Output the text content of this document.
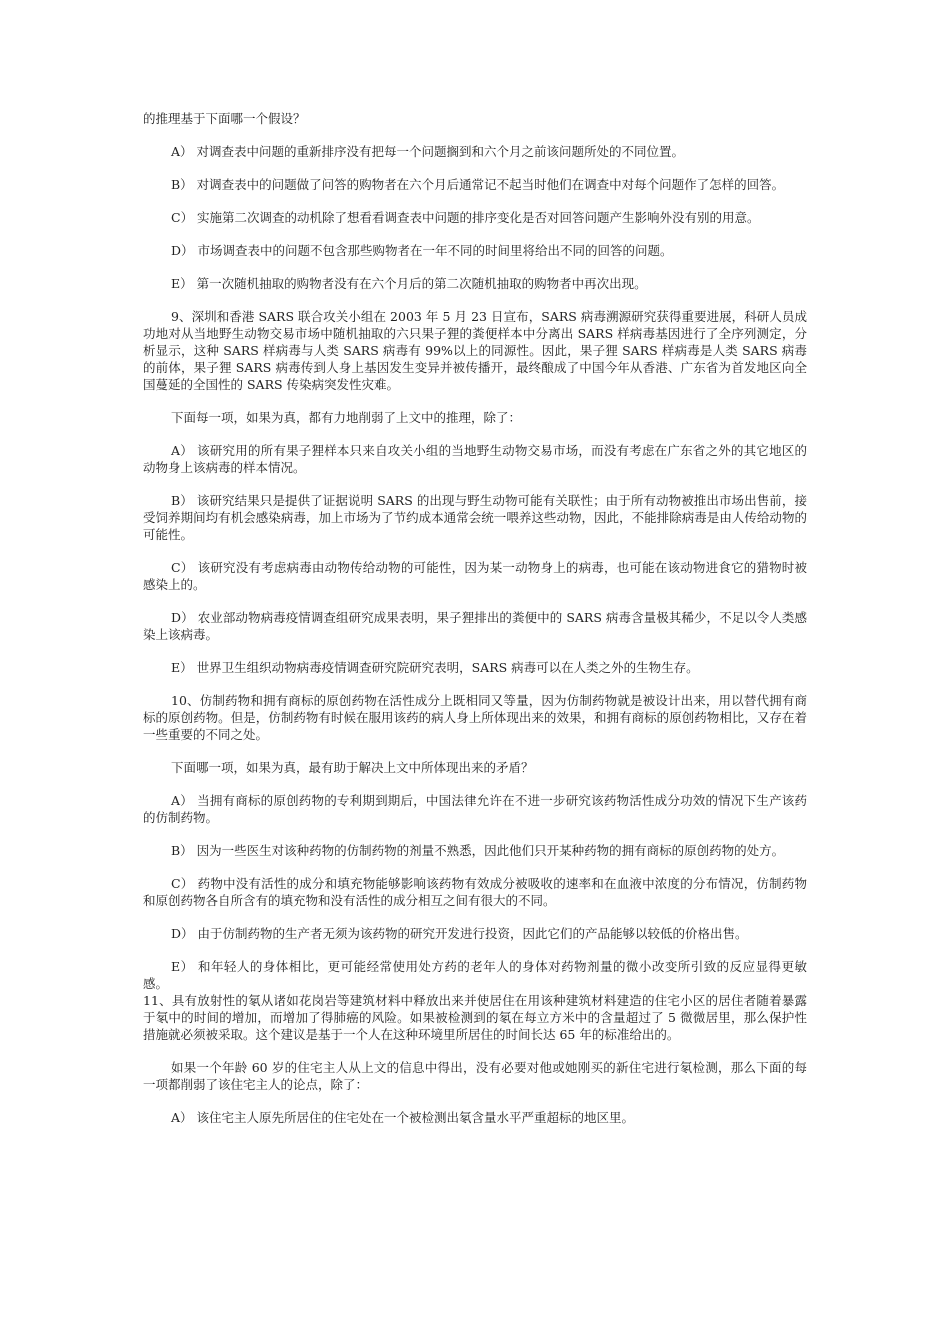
的推理基于下面哪一个假设？

A） 对调查表中问题的重新排序没有把每一个问题搁到和六个月之前该问题所处的不同位置。

B） 对调查表中的问题做了问答的购物者在六个月后通常记不起当时他们在调查中对每个问题作了怎样的回答。

C） 实施第二次调查的动机除了想看看调查表中问题的排序变化是否对回答问题产生影响外没有别的用意。

D） 市场调查表中的问题不包含那些购物者在一年不同的时间里将给出不同的回答的问题。

E） 第一次随机抽取的购物者没有在六个月后的第二次随机抽取的购物者中再次出现。

9、深圳和香港 SARS 联合攻关小组在 2003 年 5 月 23 日宣布，SARS 病毒溯源研究获得重要进展，科研人员成功地对从当地野生动物交易市场中随机抽取的六只果子狸的粪便样本中分离出 SARS 样病毒基因进行了全序列测定，分析显示，这种 SARS 样病毒与人类 SARS 病毒有 99%以上的同源性。因此，果子狸 SARS 样病毒是人类 SARS 病毒的前体，果子狸 SARS 病毒传到人身上基因发生变异并被传播开，最终酿成了中国今年从香港、广东省为首发地区向全国蔓延的全国性的 SARS 传染病突发性灾难。

下面每一项，如果为真，都有力地削弱了上文中的推理，除了：

A） 该研究用的所有果子狸样本只来自攻关小组的当地野生动物交易市场，而没有考虑在广东省之外的其它地区的动物身上该病毒的样本情况。

B） 该研究结果只是提供了证据说明 SARS 的出现与野生动物可能有关联性；由于所有动物被推出市场出售前，接受饲养期间均有机会感染病毒，加上市场为了节约成本通常会统一喂养这些动物，因此，不能排除病毒是由人传给动物的可能性。

C） 该研究没有考虑病毒由动物传给动物的可能性，因为某一动物身上的病毒，也可能在该动物进食它的猎物时被感染上的。

D） 农业部动物病毒疫情调查组研究成果表明，果子狸排出的粪便中的 SARS 病毒含量极其稀少，不足以令人类感染上该病毒。

E） 世界卫生组织动物病毒疫情调查研究院研究表明，SARS 病毒可以在人类之外的生物生存。

10、仿制药物和拥有商标的原创药物在活性成分上既相同又等量，因为仿制药物就是被设计出来，用以替代拥有商标的原创药物。但是，仿制药物有时候在服用该药的病人身上所体现出来的效果，和拥有商标的原创药物相比，又存在着一些重要的不同之处。

下面哪一项，如果为真，最有助于解决上文中所体现出来的矛盾？

A） 当拥有商标的原创药物的专利期到期后，中国法律允许在不进一步研究该药物活性成分功效的情况下生产该药的仿制药物。

B） 因为一些医生对该种药物的仿制药物的剂量不熟悉，因此他们只开某种药物的拥有商标的原创药物的处方。

C） 药物中没有活性的成分和填充物能够影响该药物有效成分被吸收的速率和在血液中浓度的分布情况，仿制药物和原创药物各自所含有的填充物和没有活性的成分相互之间有很大的不同。

D） 由于仿制药物的生产者无须为该药物的研究开发进行投资，因此它们的产品能够以较低的价格出售。

E） 和年轻人的身体相比，更可能经常使用处方药的老年人的身体对药物剂量的微小改变所引致的反应显得更敏感。

11、具有放射性的氡从诸如花岗岩等建筑材料中释放出来并使居住在用该种建筑材料建造的住宅小区的居住者随着暴露于氡中的时间的增加，而增加了得肺癌的风险。如果被检测到的氡在每立方米中的含量超过了 5 微微居里，那么保护性措施就必须被采取。这个建议是基于一个人在这种环境里所居住的时间长达 65 年的标准给出的。

如果一个年龄 60 岁的住宅主人从上文的信息中得出，没有必要对他或她刚买的新住宅进行氡检测，那么下面的每一项都削弱了该住宅主人的论点，除了：

A） 该住宅主人原先所居住的住宅处在一个被检测出氡含量水平严重超标的地区里。
